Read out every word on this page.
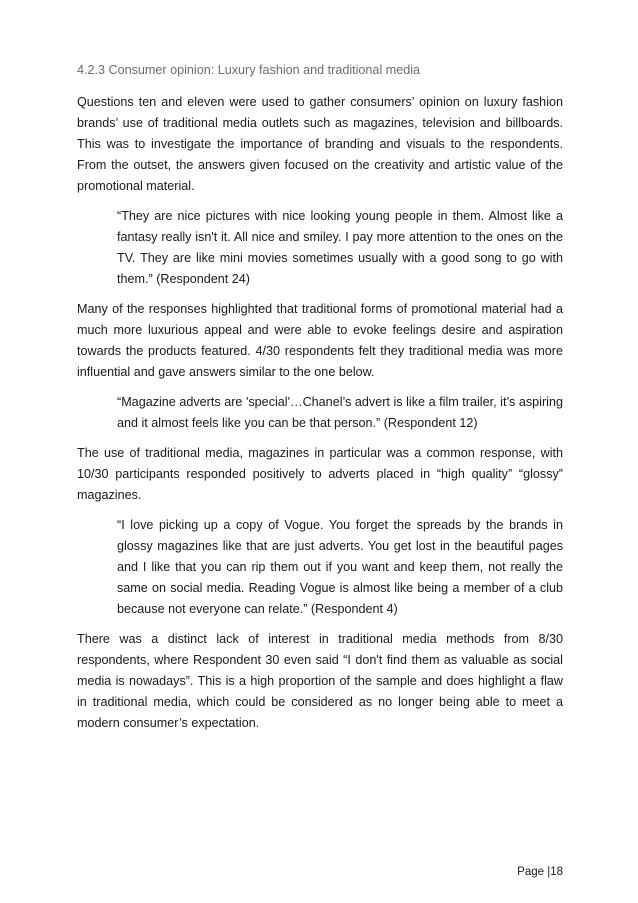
4.2.3 Consumer opinion: Luxury fashion and traditional media

Questions ten and eleven were used to gather consumers’ opinion on luxury fashion brands’ use of traditional media outlets such as magazines, television and billboards. This was to investigate the importance of branding and visuals to the respondents. From the outset, the answers given focused on the creativity and artistic value of the promotional material.

“They are nice pictures with nice looking young people in them. Almost like a fantasy really isn't it. All nice and smiley. I pay more attention to the ones on the TV. They are like mini movies sometimes usually with a good song to go with them.” (Respondent 24)

Many of the responses highlighted that traditional forms of promotional material had a much more luxurious appeal and were able to evoke feelings desire and aspiration towards the products featured. 4/30 respondents felt they traditional media was more influential and gave answers similar to the one below.

“Magazine adverts are 'special'…Chanel’s advert is like a film trailer, it’s aspiring and it almost feels like you can be that person.” (Respondent 12)

The use of traditional media, magazines in particular was a common response, with 10/30 participants responded positively to adverts placed in “high quality” “glossy” magazines.

“I love picking up a copy of Vogue. You forget the spreads by the brands in glossy magazines like that are just adverts. You get lost in the beautiful pages and I like that you can rip them out if you want and keep them, not really the same on social media. Reading Vogue is almost like being a member of a club because not everyone can relate.” (Respondent 4)

There was a distinct lack of interest in traditional media methods from 8/30 respondents, where Respondent 30 even said “I don't find them as valuable as social media is nowadays”. This is a high proportion of the sample and does highlight a flaw in traditional media, which could be considered as no longer being able to meet a modern consumer’s expectation.

Page |18
